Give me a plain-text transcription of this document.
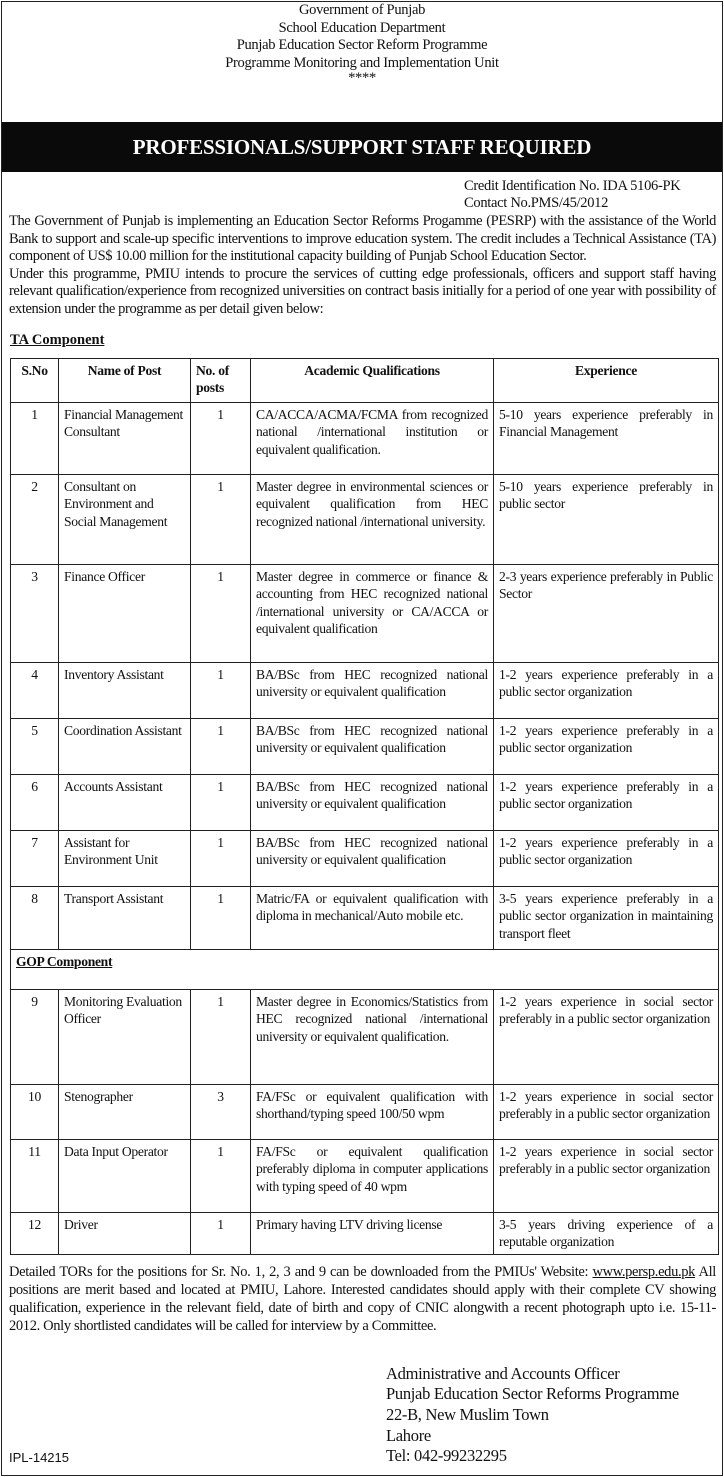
Government of Punjab
School Education Department
Punjab Education Sector Reform Programme
Programme Monitoring and Implementation Unit
****
PROFESSIONALS/SUPPORT STAFF REQUIRED
Credit Identification No. IDA 5106-PK
Contact No.PMS/45/2012

The Government of Punjab is implementing an Education Sector Reforms Progamme (PESRP) with the assistance of the World Bank to support and scale-up specific interventions to improve education system. The credit includes a Technical Assistance (TA) component of US$ 10.00 million for the institutional capacity building of Punjab School Education Sector.

Under this programme, PMIU intends to procure the services of cutting edge professionals, officers and support staff having relevant qualification/experience from recognized universities on contract basis initially for a period of one year with possibility of extension under the programme as per detail given below:

TA Component
S.No	Name of Post	No. of posts	Academic Qualifications	Experience
1	Financial Management Consultant	1	CA/ACCA/ACMA/FCMA from recognized national /international institution or equivalent qualification.	5-10 years experience preferably in Financial Management
2	Consultant on Environment and Social Management	1	Master degree in environmental sciences or equivalent qualification from HEC recognized national /international university.	5-10 years experience preferably in public sector
3	Finance Officer	1	Master degree in commerce or finance & accounting from HEC recognized national /international university or CA/ACCA or equivalent qualification	2-3 years experience preferably in Public Sector
4	Inventory Assistant	1	BA/BSc from HEC recognized national university or equivalent qualification	1-2 years experience preferably in a public sector organization
5	Coordination Assistant	1	BA/BSc from HEC recognized national university or equivalent qualification	1-2 years experience preferably in a public sector organization
6	Accounts Assistant	1	BA/BSc from HEC recognized national university or equivalent qualification	1-2 years experience preferably in a public sector organization
7	Assistant for Environment Unit	1	BA/BSc from HEC recognized national university or equivalent qualification	1-2 years experience preferably in a public sector organization
8	Transport Assistant	1	Matric/FA or equivalent qualification with diploma in mechanical/Auto mobile etc.	3-5 years experience preferably in a public sector organization in maintaining transport fleet
GOP Component				
9	Monitoring Evaluation Officer	1	Master degree in Economics/Statistics from HEC recognized national /international university or equivalent qualification.	1-2 years experience in social sector preferably in a public sector organization
10	Stenographer	3	FA/FSc or equivalent qualification with shorthand/typing speed 100/50 wpm	1-2 years experience in social sector preferably in a public sector organization
11	Data Input Operator	1	FA/FSc or equivalent qualification preferably diploma in computer applications with typing speed of 40 wpm	1-2 years experience in social sector preferably in a public sector organization
12	Driver	1	Primary having LTV driving license	3-5 years driving experience of a reputable organization
Detailed TORs for the positions for Sr. No. 1, 2, 3 and 9 can be downloaded from the PMIUs' Website: www.persp.edu.pk All positions are merit based and located at PMIU, Lahore. Interested candidates should apply with their complete CV showing qualification, experience in the relevant field, date of birth and copy of CNIC alongwith a recent photograph upto i.e. 15-11-2012. Only shortlisted candidates will be called for interview by a Committee.
IPL-14215
Administrative and Accounts Officer
Punjab Education Sector Reforms Programme
22-B, New Muslim Town
Lahore
Tel: 042-99232295
